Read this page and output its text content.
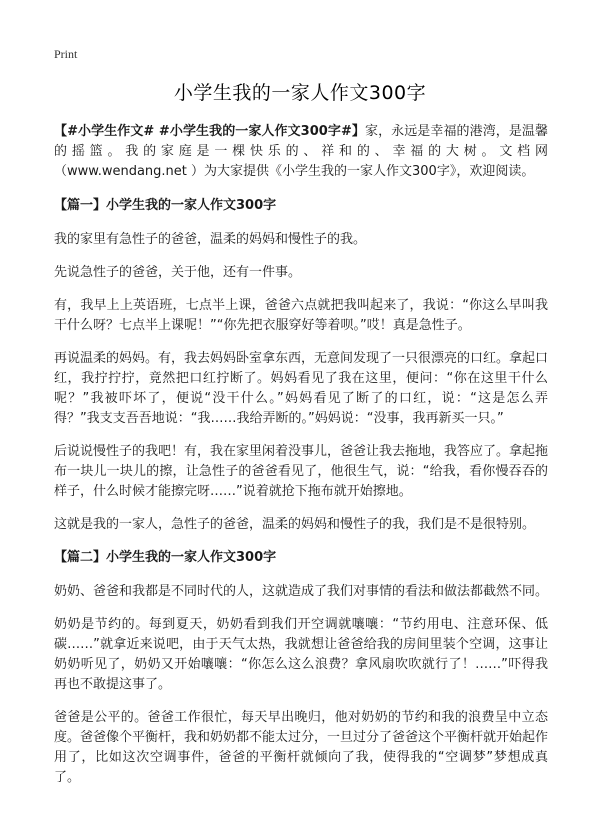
Print
小学生我的一家人作文300字

【#小学生作文# #小学生我的一家人作文300字#】家，永远是幸福的港湾，是温馨的摇篮。我的家庭是一棵快乐的、祥和的、幸福的大树。文档网（www.wendang.net ）为大家提供《小学生我的一家人作文300字》，欢迎阅读。

【篇一】小学生我的一家人作文300字

我的家里有急性子的爸爸，温柔的妈妈和慢性子的我。

先说急性子的爸爸，关于他，还有一件事。

有，我早上上英语班，七点半上课，爸爸六点就把我叫起来了，我说：“你这么早叫我干什么呀？七点半上课呢！”“你先把衣服穿好等着呗。”哎！真是急性子。

再说温柔的妈妈。有，我去妈妈卧室拿东西，无意间发现了一只很漂亮的口红。拿起口红，我拧拧拧，竟然把口红拧断了。妈妈看见了我在这里，便问：“你在这里干什么呢？”我被吓坏了，便说“没干什么。”妈妈看见了断了的口红，说：“这是怎么弄得？”我支支吾吾地说：“我……我给弄断的。”妈妈说：“没事，我再新买一只。”

后说说慢性子的我吧！有，我在家里闲着没事儿，爸爸让我去拖地，我答应了。拿起拖布一块儿一块儿的擦，让急性子的爸爸看见了，他很生气，说：“给我，看你慢吞吞的样子，什么时候才能擦完呀……”说着就抢下拖布就开始擦地。

这就是我的一家人，急性子的爸爸，温柔的妈妈和慢性子的我，我们是不是很特别。

【篇二】小学生我的一家人作文300字

奶奶、爸爸和我都是不同时代的人，这就造成了我们对事情的看法和做法都截然不同。

奶奶是节约的。每到夏天，奶奶看到我们开空调就嚷嚷：“节约用电、注意环保、低碳……”就拿近来说吧，由于天气太热，我就想让爸爸给我的房间里装个空调，这事让奶奶听见了，奶奶又开始嚷嚷：“你怎么这么浪费？拿风扇吹吹就行了！……”吓得我再也不敢提这事了。

爸爸是公平的。爸爸工作很忙，每天早出晚归，他对奶奶的节约和我的浪费呈中立态度。爸爸像个平衡杆，我和奶奶都不能太过分，一旦过分了爸爸这个平衡杆就开始起作用了，比如这次空调事件，爸爸的平衡杆就倾向了我，使得我的“空调梦”梦想成真了。
